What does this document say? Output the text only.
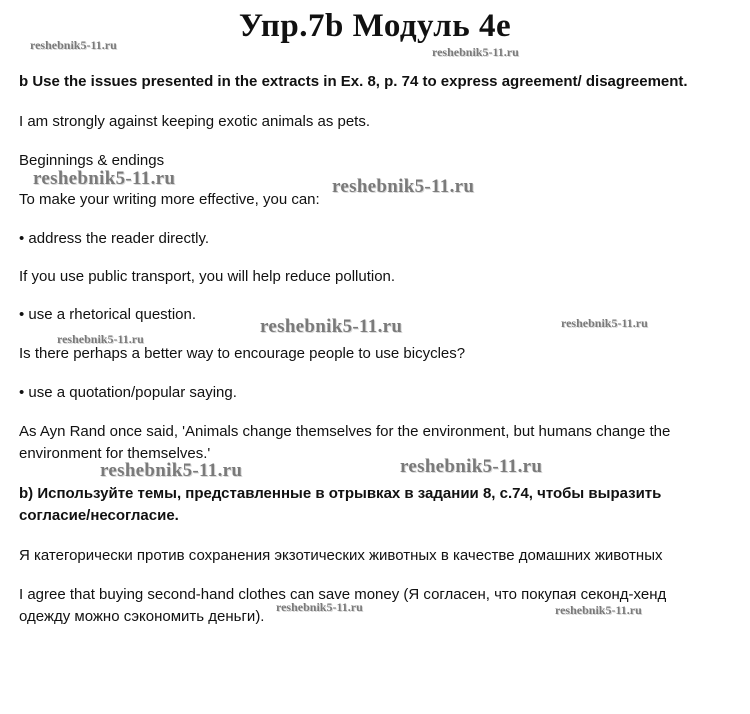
Упр.7b Модуль 4е
b Use the issues presented in the extracts in Ex. 8, p. 74 to express agreement/ disagreement.
I am strongly against keeping exotic animals as pets.
Beginnings & endings
To make your writing more effective, you can:
• address the reader directly.
If you use public transport, you will help reduce pollution.
• use a rhetorical question.
Is there perhaps a better way to encourage people to use bicycles?
• use a quotation/popular saying.
As Ayn Rand once said, 'Animals change themselves for the environment, but humans change the environment for themselves.'
b) Используйте темы, представленные в отрывках в задании 8, с.74, чтобы выразить согласие/несогласие.
Я категорически против сохранения экзотических животных в качестве домашних животных
I agree that buying second-hand clothes can save money (Я согласен, что покупая секонд-хенд одежду можно сэкономить деньги).
reshebnik5-11.ru	reshebnik5-11.ru
reshebnik5-11.ru	reshebnik5-11.ru
reshebnik5-11.ru
reshebnik5-11.ru	reshebnik5-11.ru
reshebnik5-11.ru	reshebnik5-11.ru
reshebnik5-11.ru	reshebnik5-11.ru
